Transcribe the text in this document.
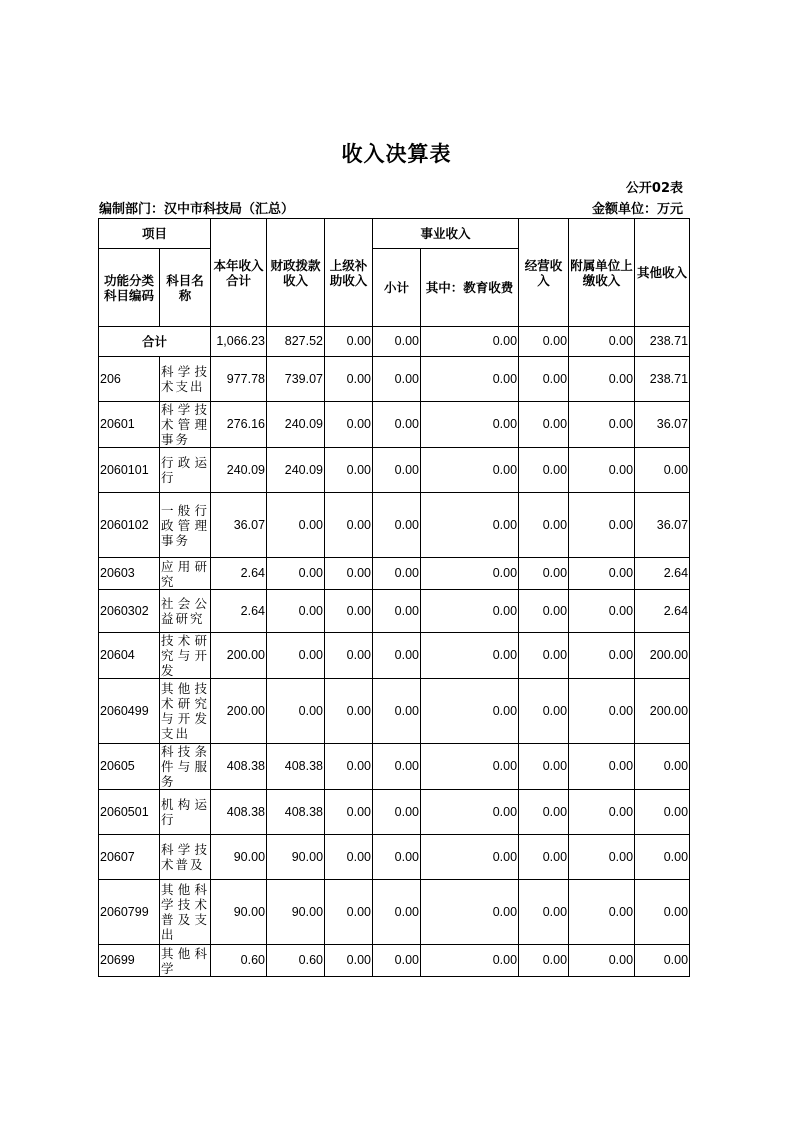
收入决算表
公开02表
编制部门：汉中市科技局（汇总）	金额单位：万元
项目		本年收入合计	财政拨款收入	上级补助收入	事业收入		经营收入	附属单位上缴收入	其他收入
功能分类科目编码	科目名称				小计	其中：教育收费			
合计		1,066.23	827.52	0.00	0.00	0.00	0.00	0.00	238.71
206	科学技术支出	977.78	739.07	0.00	0.00	0.00	0.00	0.00	238.71
20601	科学技术管理事务	276.16	240.09	0.00	0.00	0.00	0.00	0.00	36.07
2060101	行政运行	240.09	240.09	0.00	0.00	0.00	0.00	0.00	0.00
2060102	一般行政管理事务	36.07	0.00	0.00	0.00	0.00	0.00	0.00	36.07
20603	应用研究	2.64	0.00	0.00	0.00	0.00	0.00	0.00	2.64
2060302	社会公益研究	2.64	0.00	0.00	0.00	0.00	0.00	0.00	2.64
20604	技术研究与开发	200.00	0.00	0.00	0.00	0.00	0.00	0.00	200.00
2060499	其他技术研究与开发支出	200.00	0.00	0.00	0.00	0.00	0.00	0.00	200.00
20605	科技条件与服务	408.38	408.38	0.00	0.00	0.00	0.00	0.00	0.00
2060501	机构运行	408.38	408.38	0.00	0.00	0.00	0.00	0.00	0.00
20607	科学技术普及	90.00	90.00	0.00	0.00	0.00	0.00	0.00	0.00
2060799	其他科学技术普及支出	90.00	90.00	0.00	0.00	0.00	0.00	0.00	0.00
20699	其他科学	0.60	0.60	0.00	0.00	0.00	0.00	0.00	0.00
